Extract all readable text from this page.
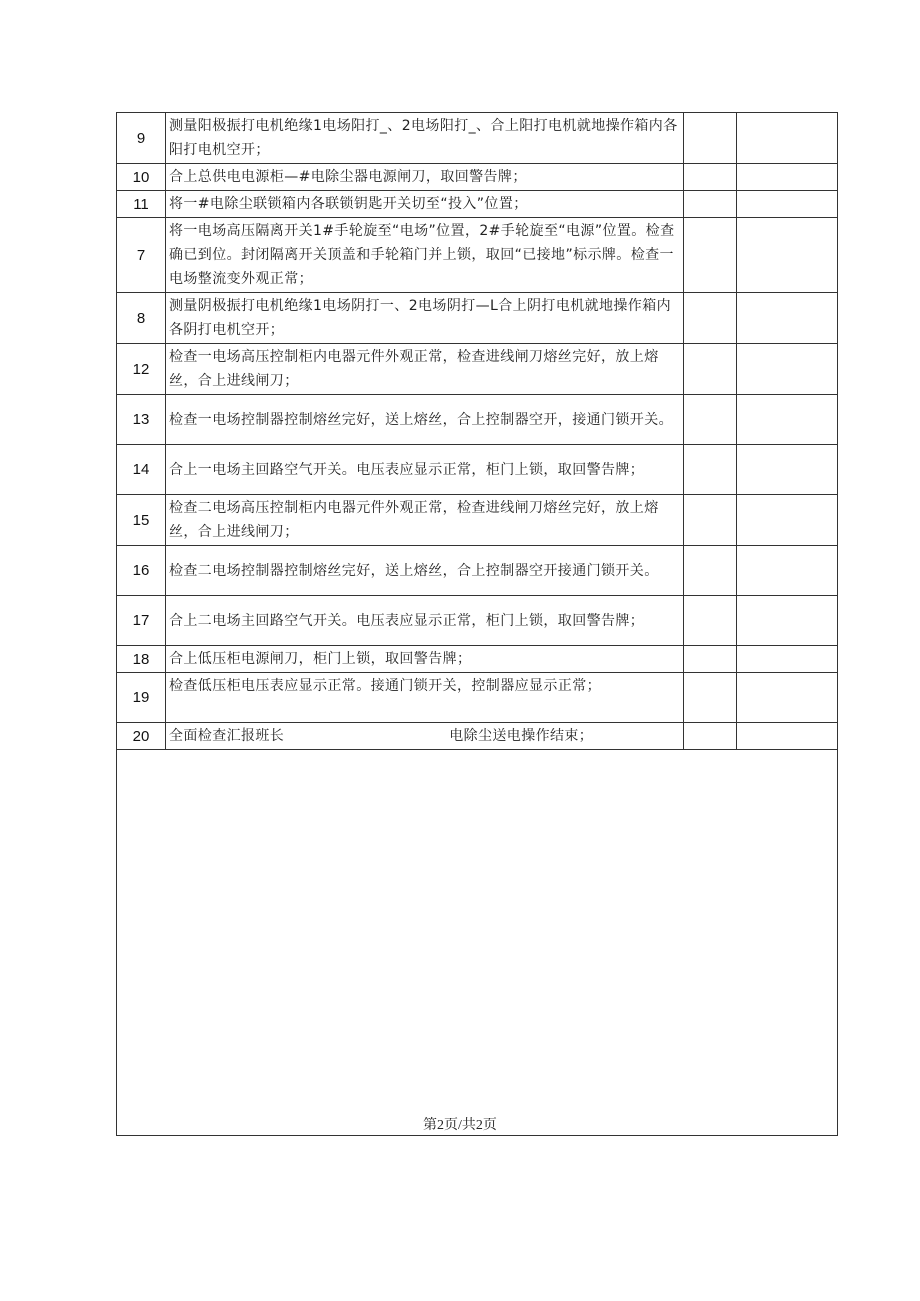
9	测量阳极振打电机绝缘1电场阳打_、2电场阳打_、合上阳打电机就地操作箱内各阳打电机空开；		
10	合上总供电电源柜—#电除尘器电源闸刀，取回警告牌；		
11	将一#电除尘联锁箱内各联锁钥匙开关切至“投入”位置；		
7	将一电场高压隔离开关1#手轮旋至“电场”位置，2#手轮旋至“电源”位置。检查确已到位。封闭隔离开关顶盖和手轮箱门并上锁，取回“已接地”标示牌。检查一电场整流变外观正常；		
8	测量阴极振打电机绝缘1电场阴打一、2电场阴打—L合上阴打电机就地操作箱内各阴打电机空开；		
12	检查一电场高压控制柜内电器元件外观正常，检查进线闸刀熔丝完好，放上熔丝，合上进线闸刀；		
13	检查一电场控制器控制熔丝完好，送上熔丝，合上控制器空开，接通门锁开关。		
14	合上一电场主回路空气开关。电压表应显示正常，柜门上锁，取回警告牌；		
15	检查二电场高压控制柜内电器元件外观正常，检查进线闸刀熔丝完好，放上熔丝，合上进线闸刀；		
16	检查二电场控制器控制熔丝完好，送上熔丝，合上控制器空开接通门锁开关。		
17	合上二电场主回路空气开关。电压表应显示正常，柜门上锁，取回警告牌；		
18	合上低压柜电源闸刀，柜门上锁，取回警告牌；		
19	检查低压柜电压表应显示正常。接通门锁开关，控制器应显示正常；		
20	全面检查汇报班长 电除尘送电操作结束；		

第2页/共2页
